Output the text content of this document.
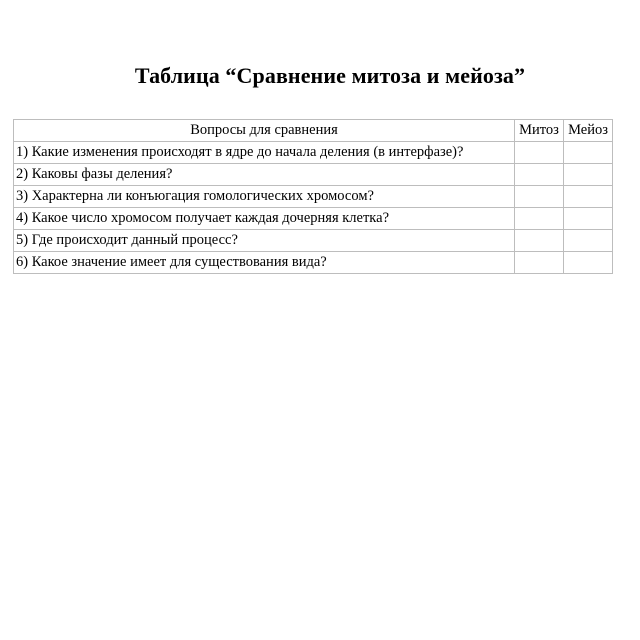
Таблица “Сравнение митоза и мейоза”
Вопросы для сравнения	Митоз	Мейоз
1) Какие изменения происходят в ядре до начала деления (в интерфазе)?		
2) Каковы фазы деления?		
3) Характерна ли конъюгация гомологических хромосом?		
4) Какое число хромосом получает каждая дочерняя клетка?		
5) Где происходит данный процесс?		
6) Какое значение имеет для существования вида?		
